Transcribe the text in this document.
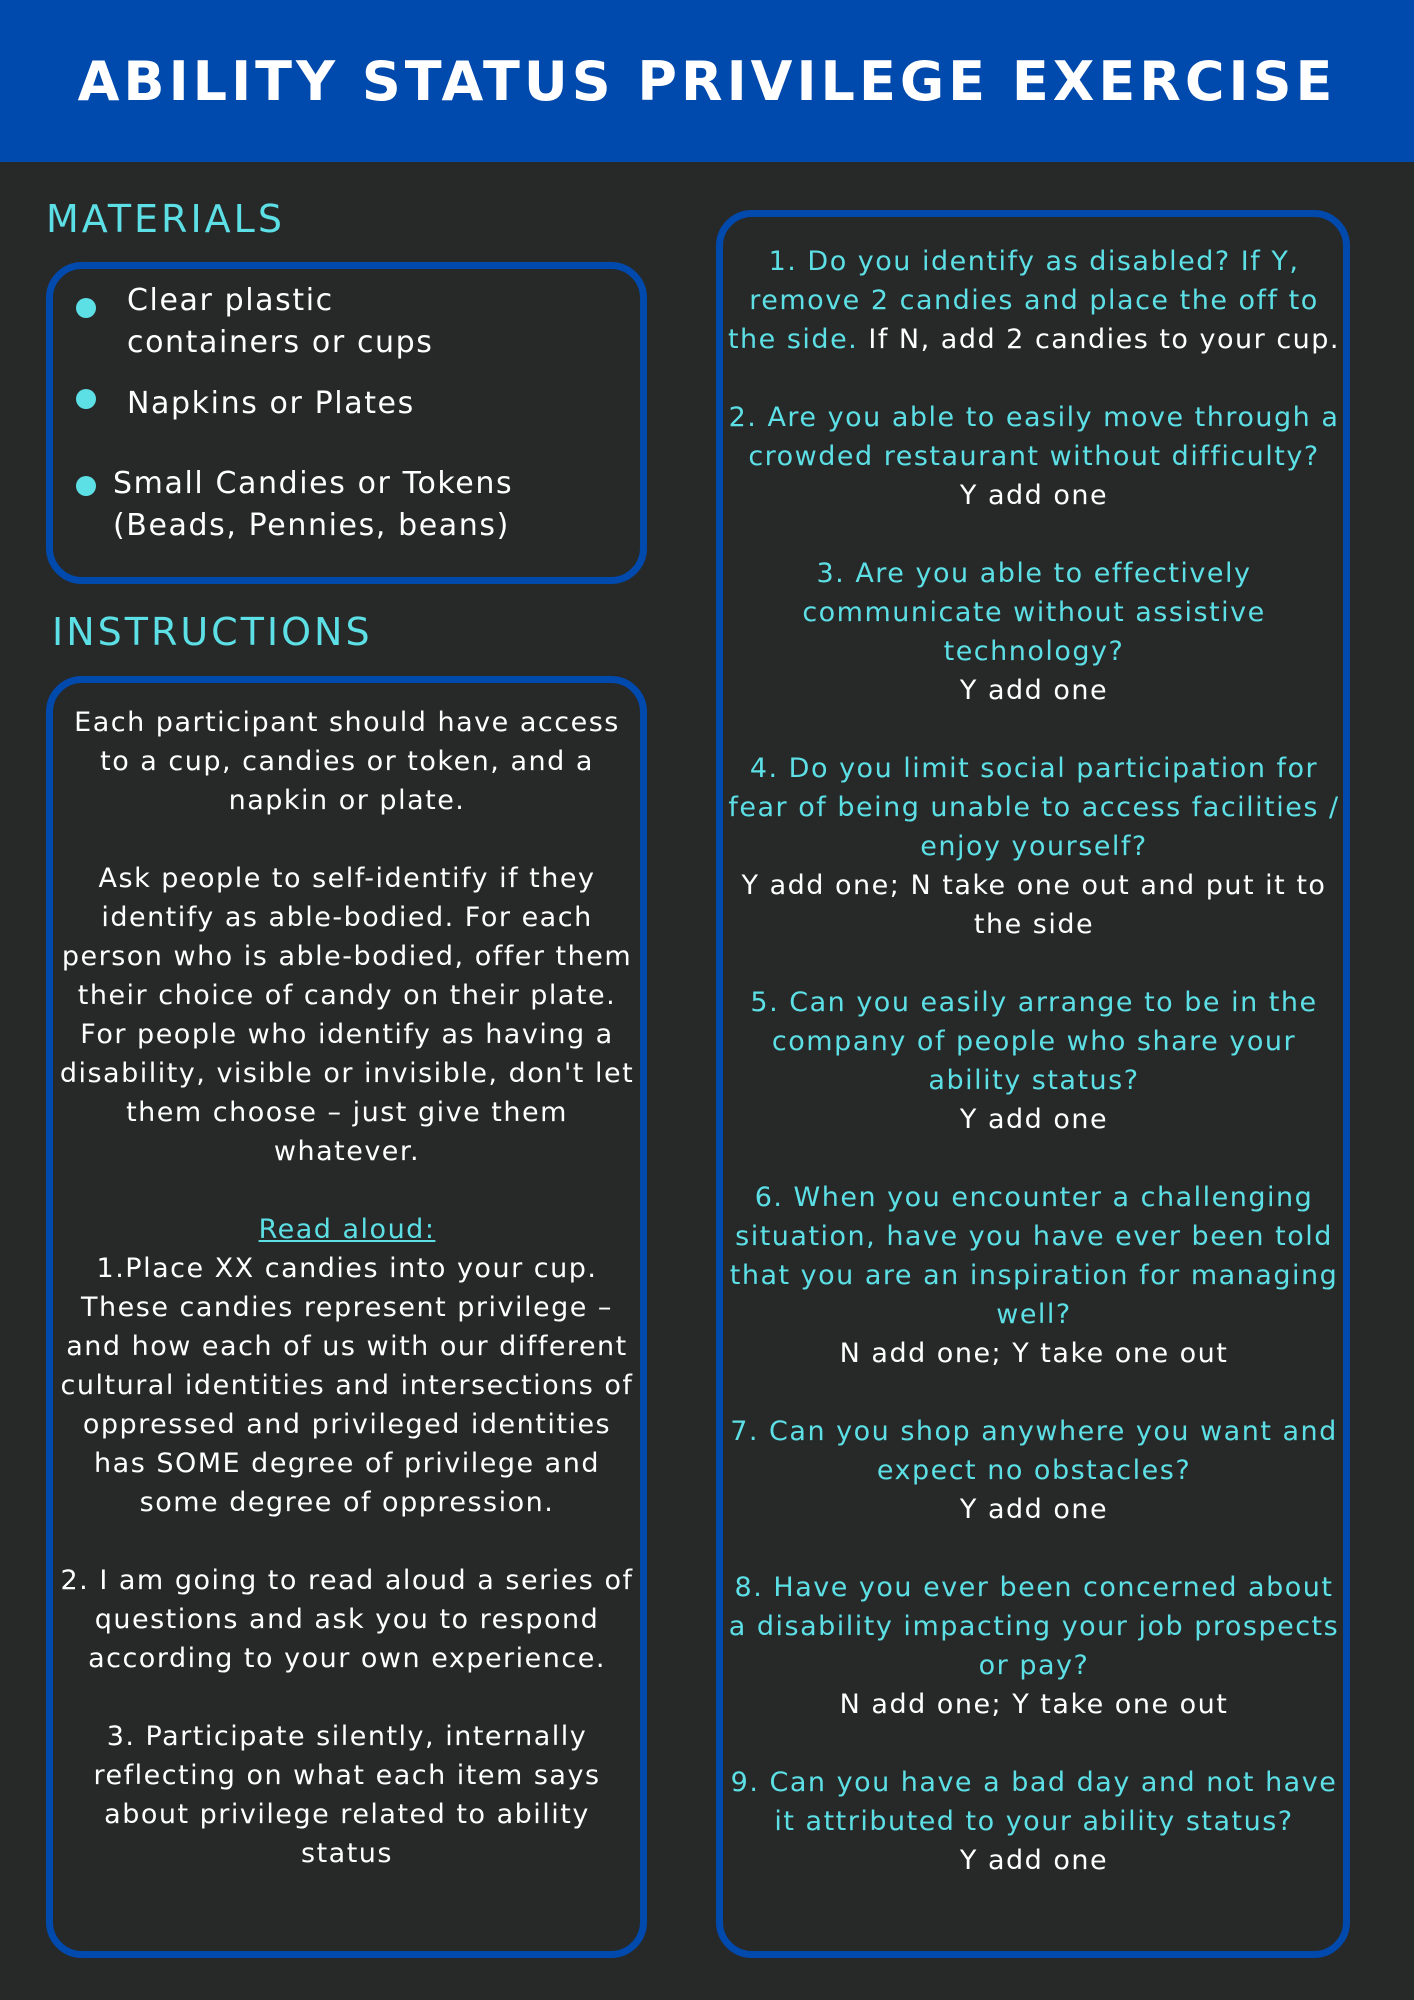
ABILITY STATUS PRIVILEGE EXERCISE
MATERIALS
Clear plastic
containers or cups
Napkins or Plates
Small Candies or Tokens
(Beads, Pennies, beans)
INSTRUCTIONS

Each participant should have access to a cup, candies or token, and a napkin or plate.

Ask people to self-identify if they identify as able-bodied. For each person who is able-bodied, offer them their choice of candy on their plate. For people who identify as having a disability, visible or invisible, don't let them choose – just give them whatever.

Read aloud:

1.Place XX candies into your cup. These candies represent privilege – and how each of us with our different cultural identities and intersections of oppressed and privileged identities has SOME degree of privilege and some degree of oppression.

2. I am going to read aloud a series of questions and ask you to respond according to your own experience.

3. Participate silently, internally reflecting on what each item says about privilege related to ability status

1. Do you identify as disabled? If Y, remove 2 candies and place the off to the side. If N, add 2 candies to your cup.
2. Are you able to easily move through a crowded restaurant without difficulty?
Y add one
3. Are you able to effectively communicate without assistive technology?
Y add one
4. Do you limit social participation for fear of being unable to access facilities / enjoy yourself?
Y add one; N take one out and put it to the side
5. Can you easily arrange to be in the company of people who share your ability status?
Y add one
6. When you encounter a challenging situation, have you have ever been told that you are an inspiration for managing well?
N add one; Y take one out
7. Can you shop anywhere you want and expect no obstacles?
Y add one
8. Have you ever been concerned about a disability impacting your job prospects or pay?
N add one; Y take one out
9. Can you have a bad day and not have it attributed to your ability status?
Y add one
